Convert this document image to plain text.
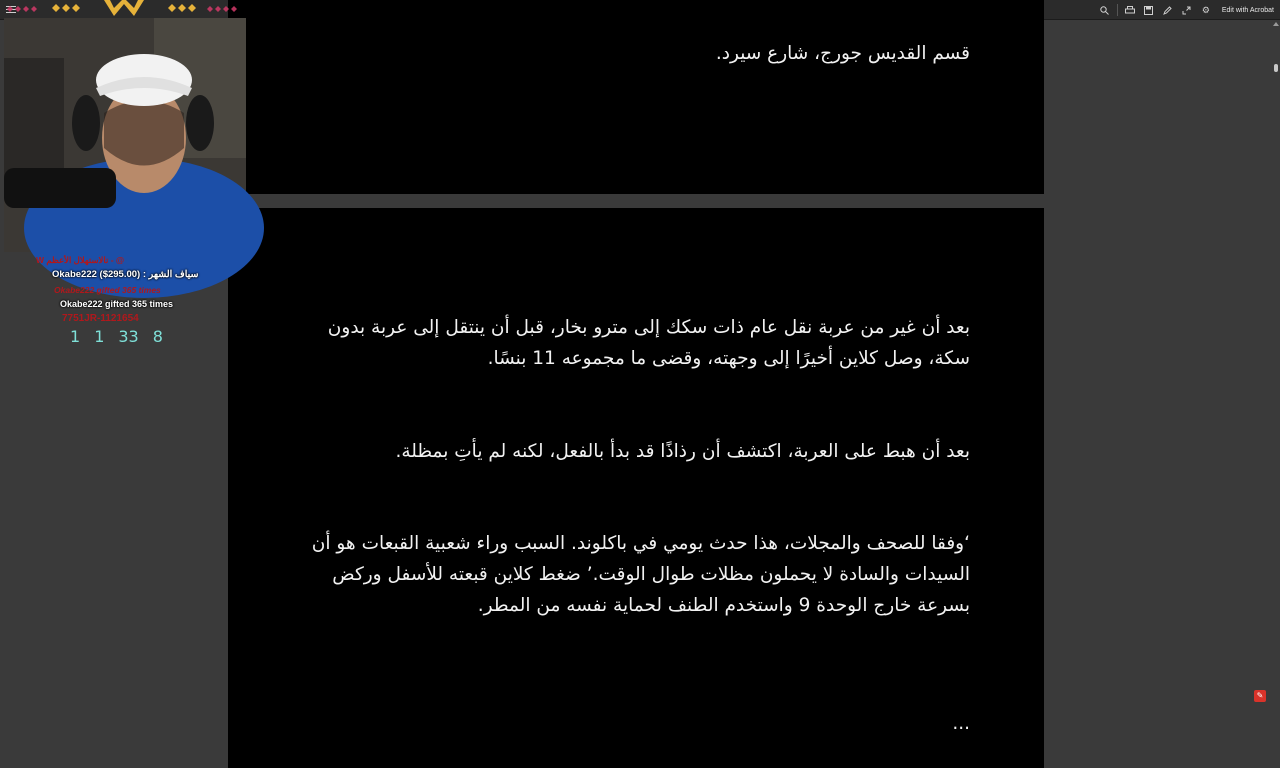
⚙	Edit with Acrobat
قسم القديس جورج، شارع سيرد.
بعد أن غير من عربة نقل عام ذات سكك إلى مترو بخار، قبل أن ينتقل إلى عربة بدون سكة، وصل كلاين أخيرًا إلى وجهته، وقضى ما مجموعه 11 بنسًا.
بعد أن هبط على العربة، اكتشف أن رذاذًا قد بدأ بالفعل، لكنه لم يأتِ بمظلة.
‘وفقا للصحف والمجلات، هذا حدث يومي في باكلوند. السبب وراء شعبية القبعات هو أن السيدات والسادة لا يحملون مظلات طوال الوقت.’ ضغط كلاين قبعته للأسفل وركض بسرعة خارج الوحدة 9 واستخدم الطنف لحماية نفسه من المطر.
...
✎
W تالاستهلال الأعظم - @
Okabe222 ($295.00) : سياف الشهر
Okabe222 gifted 365 times
Okabe222 gifted 365 times
7751JR-1121654
1 1 33 8
